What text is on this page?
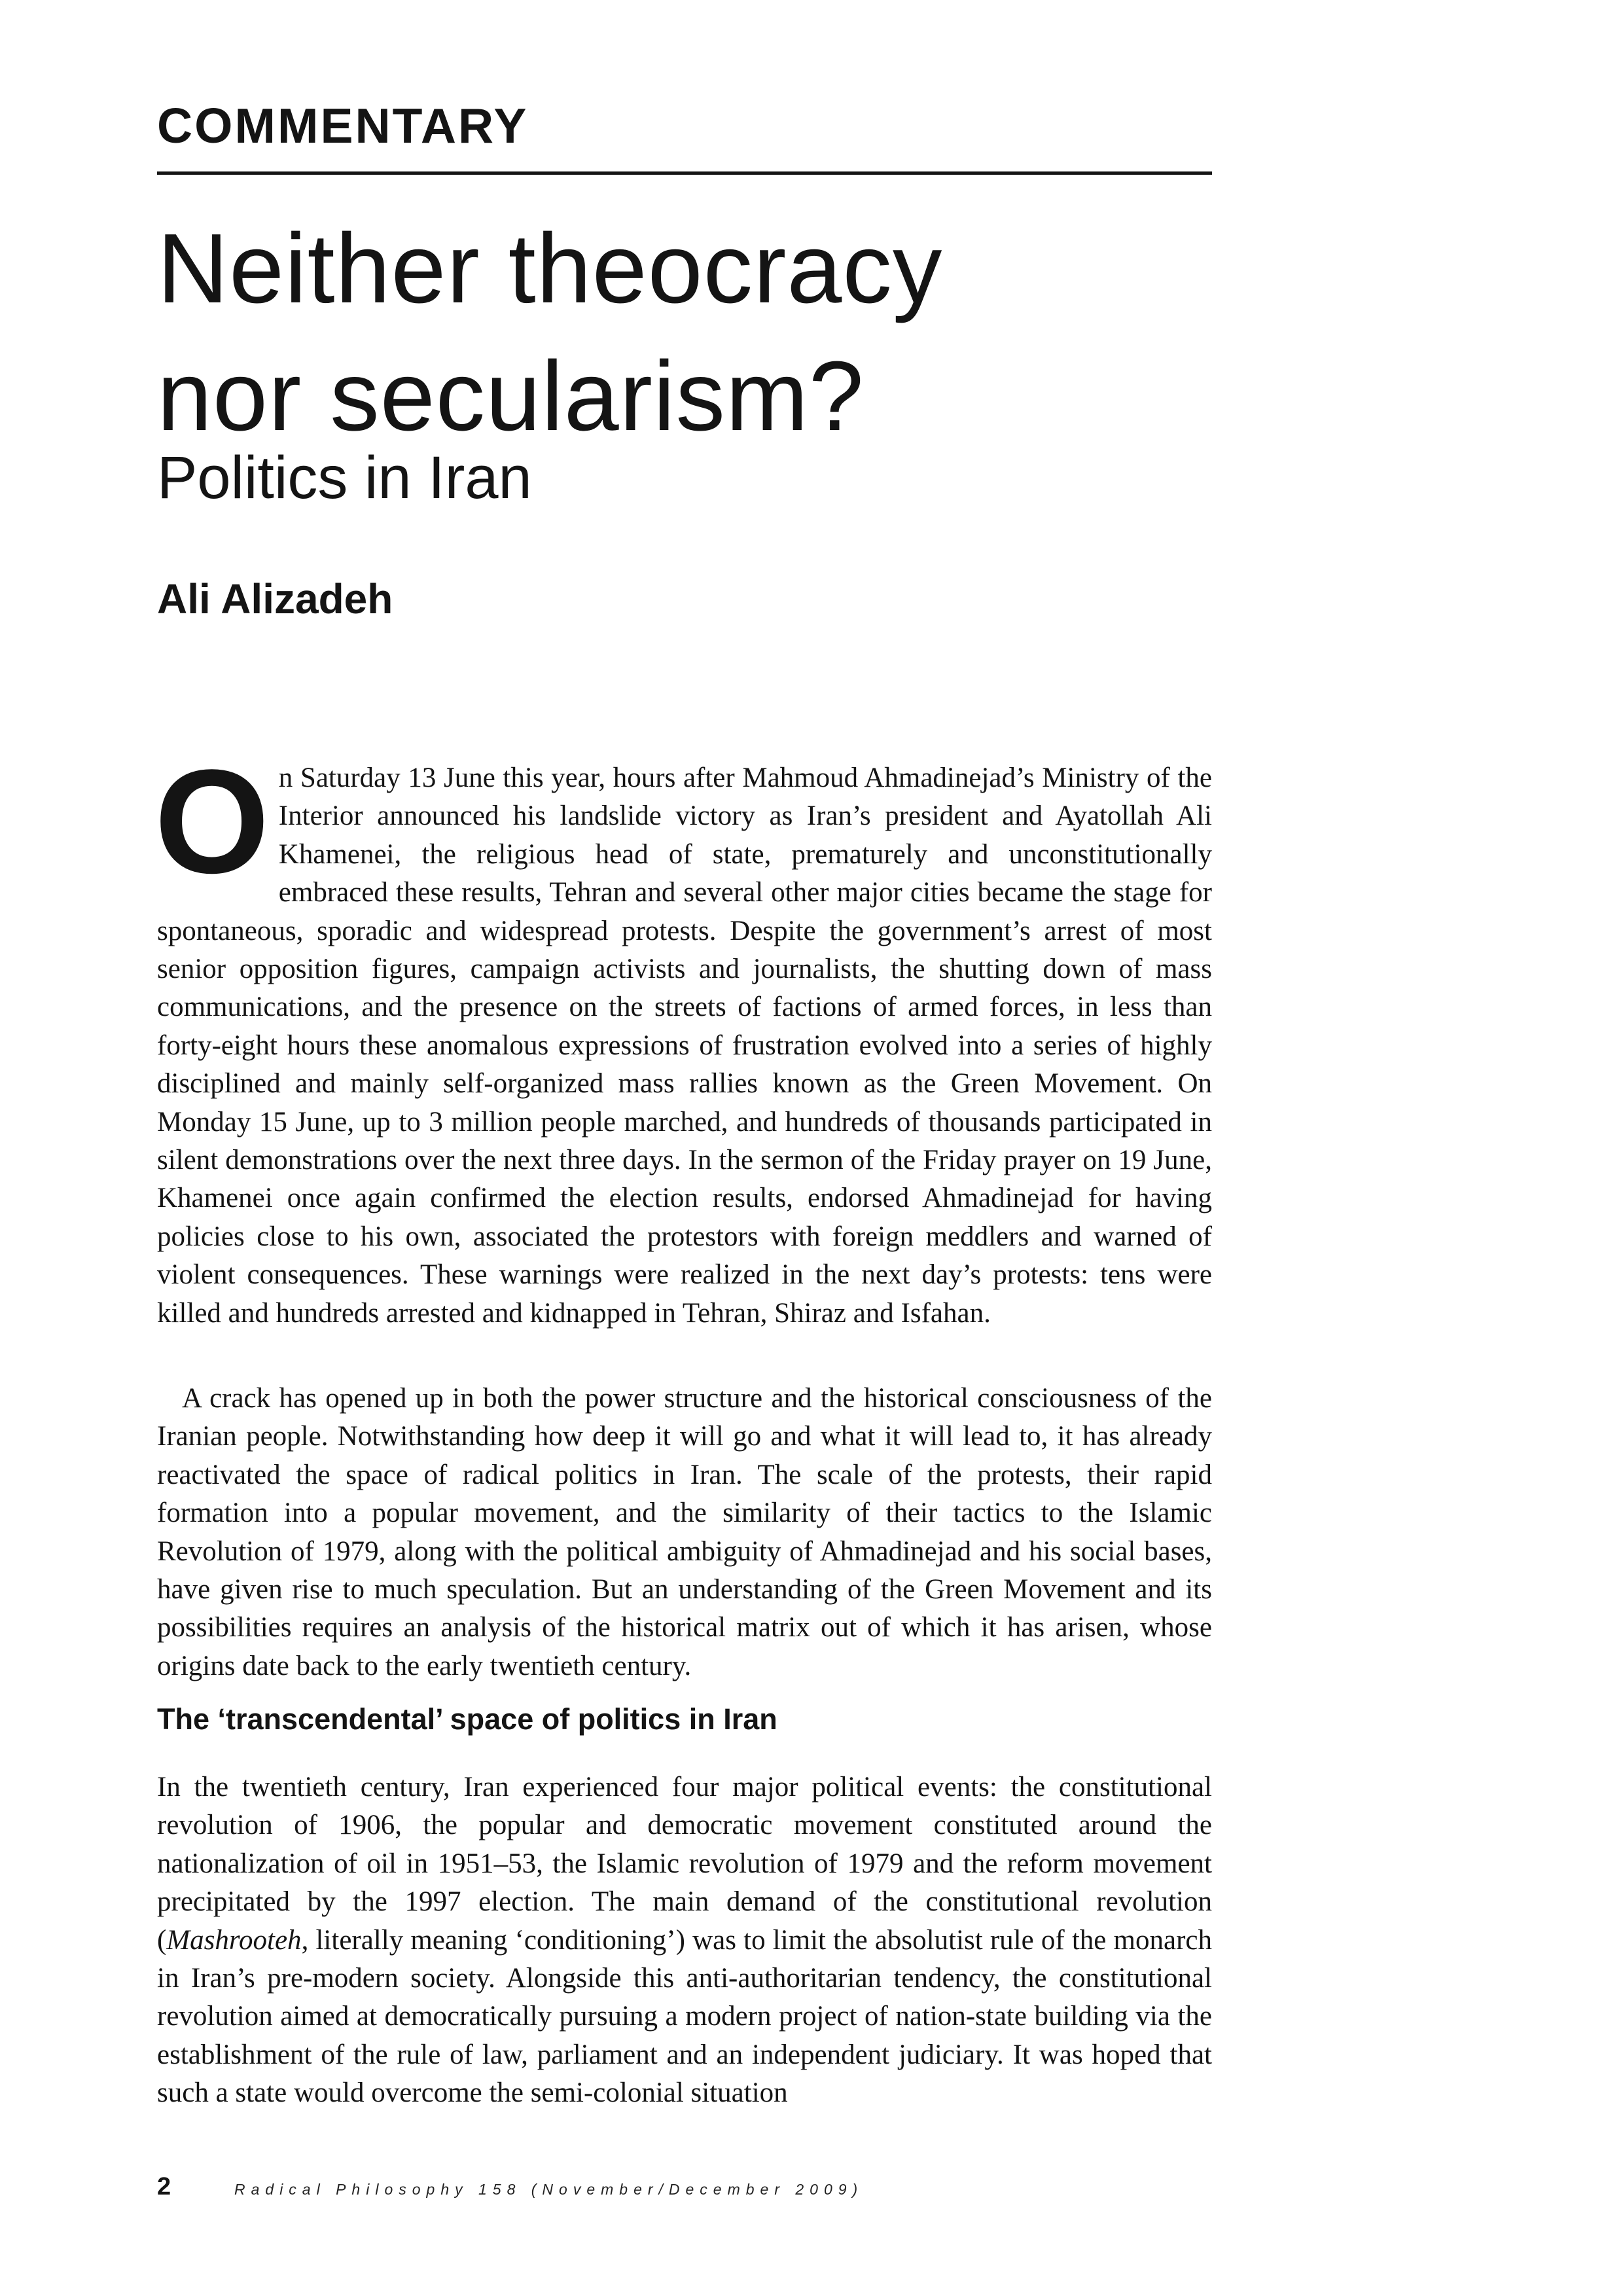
COMMENTARY
Neither theocracy
nor secularism?
Politics in Iran
Ali Alizadeh

On Saturday 13 June this year, hours after Mahmoud Ahmadinejad’s Ministry of the Interior announced his landslide victory as Iran’s president and Ayatollah Ali Khamenei, the religious head of state, prematurely and unconstitutionally embraced these results, Tehran and several other major cities became the stage for spontaneous, sporadic and widespread protests. Despite the government’s arrest of most senior opposition figures, campaign activists and journalists, the shutting down of mass communications, and the presence on the streets of factions of armed forces, in less than forty-eight hours these anomalous expressions of frustration evolved into a series of highly disciplined and mainly self-organized mass rallies known as the Green Movement. On Monday 15 June, up to 3 million people marched, and hundreds of thousands participated in silent demonstrations over the next three days. In the sermon of the Friday prayer on 19 June, Khamenei once again confirmed the election results, endorsed Ahmadinejad for having policies close to his own, associated the protestors with foreign meddlers and warned of violent consequences. These warnings were realized in the next day’s protests: tens were killed and hundreds arrested and kidnapped in Tehran, Shiraz and Isfahan.

A crack has opened up in both the power structure and the historical consciousness of the Iranian people. Notwithstanding how deep it will go and what it will lead to, it has already reactivated the space of radical politics in Iran. The scale of the protests, their rapid formation into a popular movement, and the similarity of their tactics to the Islamic Revolution of 1979, along with the political ambiguity of Ahmadinejad and his social bases, have given rise to much speculation. But an understanding of the Green Movement and its possibilities requires an analysis of the historical matrix out of which it has arisen, whose origins date back to the early twentieth century.

The ‘transcendental’ space of politics in Iran

In the twentieth century, Iran experienced four major political events: the constitutional revolution of 1906, the popular and democratic movement constituted around the nationalization of oil in 1951–53, the Islamic revolution of 1979 and the reform movement precipitated by the 1997 election. The main demand of the constitutional revolution (Mashrooteh, literally meaning ‘conditioning’) was to limit the absolutist rule of the monarch in Iran’s pre-modern society. Alongside this anti-authoritarian tendency, the constitutional revolution aimed at democratically pursuing a modern project of nation-state building via the establishment of the rule of law, parliament and an independent judiciary. It was hoped that such a state would overcome the semi-colonial situation

2	Radical Philosophy 158 (November/December 2009)
